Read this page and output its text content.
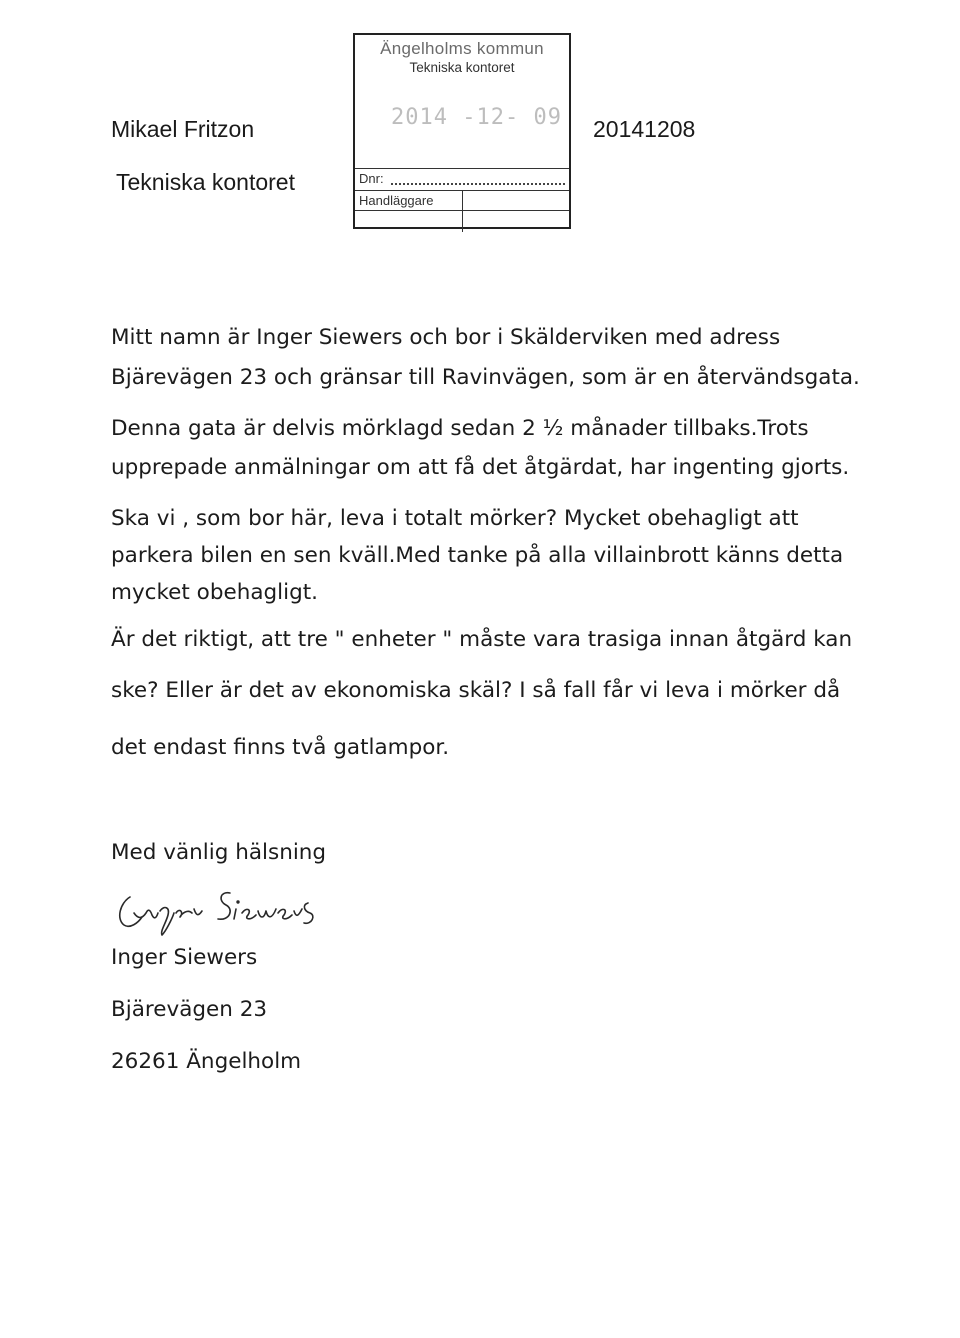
Mikael Fritzon
Tekniska kontoret
20141208
Ängelholms kommun
Tekniska kontoret
2014 -12- 09
Dnr:
Handläggare
Mitt namn är Inger Siewers och bor i Skälderviken med adress
Bjärevägen 23 och gränsar till Ravinvägen, som är en återvändsgata.
Denna gata är delvis mörklagd sedan 2 ½ månader tillbaks.Trots
upprepade anmälningar om att få det åtgärdat, har ingenting gjorts.
Ska vi , som bor här, leva i totalt mörker? Mycket obehagligt att
parkera bilen en sen kväll.Med tanke på alla villainbrott känns detta
mycket obehagligt.
Är det riktigt, att tre " enheter " måste vara trasiga innan åtgärd kan
ske? Eller är det av ekonomiska skäl? I så fall får vi leva i mörker då
det endast finns två gatlampor.
Med vänlig hälsning
Inger Siewers
Bjärevägen 23
26261 Ängelholm
